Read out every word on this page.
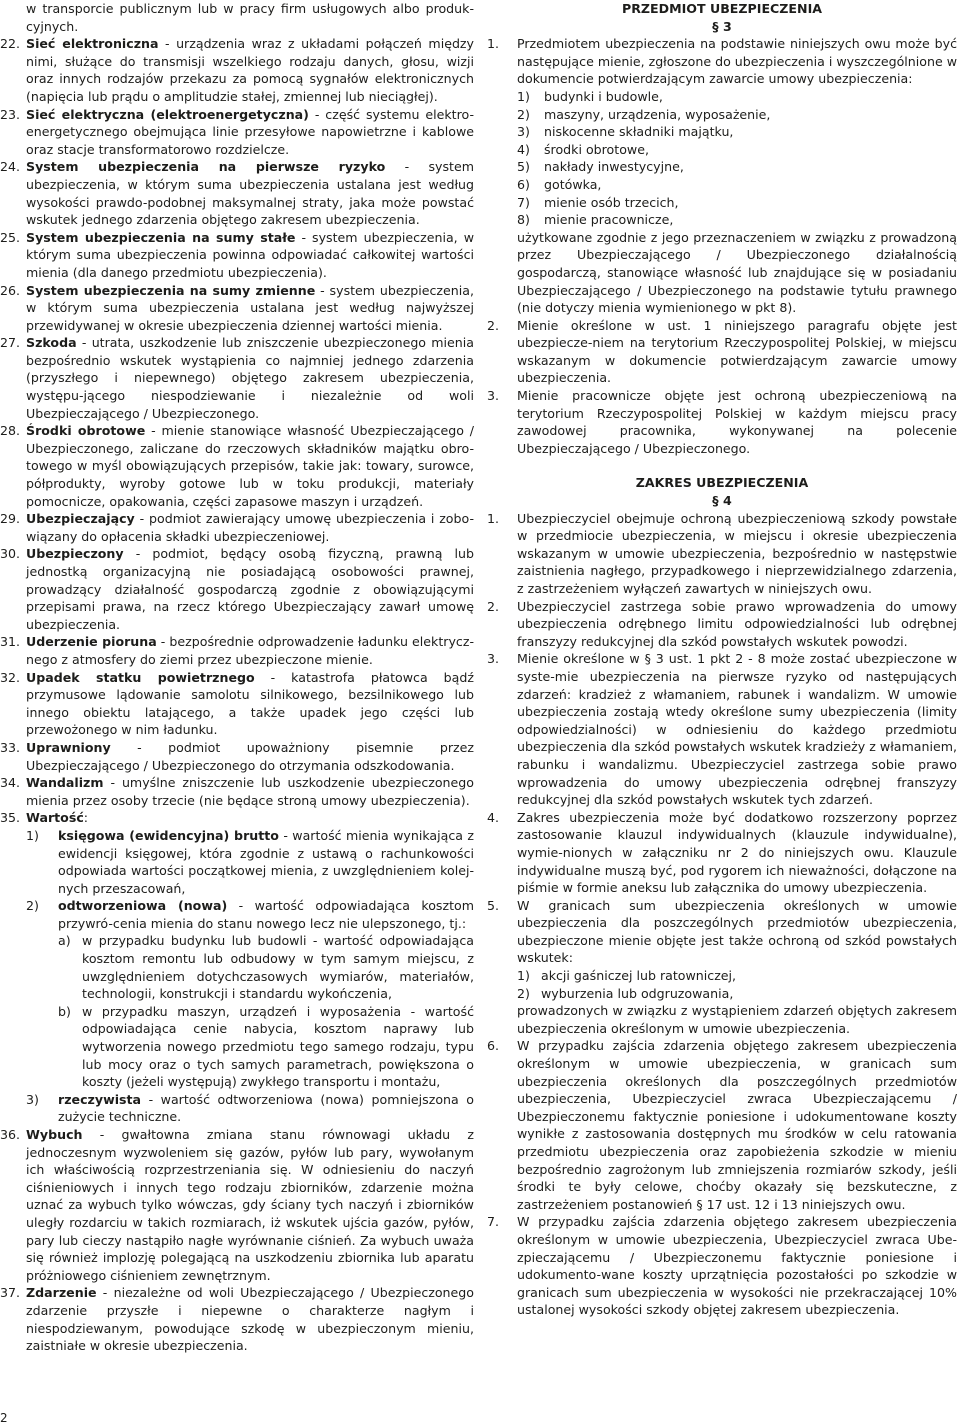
w transporcie publicznym lub w pracy firm usługowych albo produk-cyjnych.
22. Sieć elektroniczna - urządzenia wraz z układami połączeń między nimi, służące do transmisji wszelkiego rodzaju danych, głosu, wizji oraz innych rodzajów przekazu za pomocą sygnałów elektronicznych (napięcia lub prądu o amplitudzie stałej, zmiennej lub nieciągłej).
23. Sieć elektryczna (elektroenergetyczna) - część systemu elektro-energetycznego obejmująca linie przesyłowe napowietrzne i kablowe oraz stacje transformatorowo rozdzielcze.
24. System ubezpieczenia na pierwsze ryzyko - system ubezpieczenia, w którym suma ubezpieczenia ustalana jest według wysokości prawdo-podobnej maksymalnej straty, jaka może powstać wskutek jednego zdarzenia objętego zakresem ubezpieczenia.
25. System ubezpieczenia na sumy stałe - system ubezpieczenia, w którym suma ubezpieczenia powinna odpowiadać całkowitej wartości mienia (dla danego przedmiotu ubezpieczenia).
26. System ubezpieczenia na sumy zmienne - system ubezpieczenia, w którym suma ubezpieczenia ustalana jest według najwyższej przewidywanej w okresie ubezpieczenia dziennej wartości mienia.
27. Szkoda - utrata, uszkodzenie lub zniszczenie ubezpieczonego mienia bezpośrednio wskutek wystąpienia co najmniej jednego zdarzenia (przyszłego i niepewnego) objętego zakresem ubezpieczenia, występu-jącego niespodziewanie i niezależnie od woli Ubezpieczającego / Ubezpieczonego.
28. Środki obrotowe - mienie stanowiące własność Ubezpieczającego / Ubezpieczonego, zaliczane do rzeczowych składników majątku obro-towego w myśl obowiązujących przepisów, takie jak: towary, surowce, półprodukty, wyroby gotowe lub w toku produkcji, materiały pomocnicze, opakowania, części zapasowe maszyn i urządzeń.
29. Ubezpieczający - podmiot zawierający umowę ubezpieczenia i zobo-wiązany do opłacenia składki ubezpieczeniowej.
30. Ubezpieczony - podmiot, będący osobą fizyczną, prawną lub jednostką organizacyjną nie posiadającą osobowości prawnej, prowadzący działalność gospodarczą zgodnie z obowiązującymi przepisami prawa, na rzecz którego Ubezpieczający zawarł umowę ubezpieczenia.
31. Uderzenie pioruna - bezpośrednie odprowadzenie ładunku elektrycz-nego z atmosfery do ziemi przez ubezpieczone mienie.
32. Upadek statku powietrznego - katastrofa płatowca bądź przymusowe lądowanie samolotu silnikowego, bezsilnikowego lub innego obiektu latającego, a także upadek jego części lub przewożonego w nim ładunku.
33. Uprawniony - podmiot upoważniony pisemnie przez Ubezpieczającego / Ubezpieczonego do otrzymania odszkodowania.
34. Wandalizm - umyślne zniszczenie lub uszkodzenie ubezpieczonego mienia przez osoby trzecie (nie będące stroną umowy ubezpieczenia).
35. Wartość:
1)	księgowa (ewidencyjna) brutto - wartość mienia wynikająca z ewidencji księgowej, która zgodnie z ustawą o rachunkowości odpowiada wartości początkowej mienia, z uwzględnieniem kolej-nych przeszacowań,
2)	odtworzeniowa (nowa) - wartość odpowiadająca kosztom przywró-cenia mienia do stanu nowego lecz nie ulepszonego, tj.:
a) w przypadku budynku lub budowli - wartość odpowiadająca kosztom remontu lub odbudowy w tym samym miejscu, z uwzględnieniem dotychczasowych wymiarów, materiałów, technologii, konstrukcji i standardu wykończenia,
b) w przypadku maszyn, urządzeń i wyposażenia - wartość odpowiadająca cenie nabycia, kosztom naprawy lub wytworzenia nowego przedmiotu tego samego rodzaju, typu lub mocy oraz o tych samych parametrach, powiększona o koszty (jeżeli występują) zwykłego transportu i montażu,
3)	rzeczywista - wartość odtworzeniowa (nowa) pomniejszona o zużycie techniczne.
36. Wybuch - gwałtowna zmiana stanu równowagi układu z jednoczesnym wyzwoleniem się gazów, pyłów lub pary, wywołanym ich właściwością rozprzestrzeniania się. W odniesieniu do naczyń ciśnieniowych i innych tego rodzaju zbiorników, zdarzenie można uznać za wybuch tylko wówczas, gdy ściany tych naczyń i zbiorników uległy rozdarciu w takich rozmiarach, iż wskutek ujścia gazów, pyłów, pary lub cieczy nastąpiło nagłe wyrównanie ciśnień. Za wybuch uważa się również implozję polegającą na uszkodzeniu zbiornika lub aparatu próżniowego ciśnieniem zewnętrznym.
37. Zdarzenie - niezależne od woli Ubezpieczającego / Ubezpieczonego zdarzenie przyszłe i niepewne o charakterze nagłym i niespodziewanym, powodujące szkodę w ubezpieczonym mieniu, zaistniałe w okresie ubezpieczenia.
PRZEDMIOT UBEZPIECZENIA
§ 3
1.	Przedmiotem ubezpieczenia na podstawie niniejszych owu może być następujące mienie, zgłoszone do ubezpieczenia i wyszczególnione w dokumencie potwierdzającym zawarcie umowy ubezpieczenia:
1)	budynki i budowle,
2)	maszyny, urządzenia, wyposażenie,
3)	niskocenne składniki majątku,
4)	środki obrotowe,
5)	nakłady inwestycyjne,
6)	gotówka,
7)	mienie osób trzecich,
8)	mienie pracownicze,
użytkowane zgodnie z jego przeznaczeniem w związku z prowadzoną przez Ubezpieczającego / Ubezpieczonego działalnością gospodarczą, stanowiące własność lub znajdujące się w posiadaniu Ubezpieczającego / Ubezpieczonego na podstawie tytułu prawnego (nie dotyczy mienia wymienionego w pkt 8).
2.	Mienie określone w ust. 1 niniejszego paragrafu objęte jest ubezpiecze-niem na terytorium Rzeczypospolitej Polskiej, w miejscu wskazanym w dokumencie potwierdzającym zawarcie umowy ubezpieczenia.
3.	Mienie pracownicze objęte jest ochroną ubezpieczeniową na terytorium Rzeczypospolitej Polskiej w każdym miejscu pracy zawodowej pracownika, wykonywanej na polecenie Ubezpieczającego / Ubezpieczonego.
ZAKRES UBEZPIECZENIA
§ 4
1.	Ubezpieczyciel obejmuje ochroną ubezpieczeniową szkody powstałe w przedmiocie ubezpieczenia, w miejscu i okresie ubezpieczenia wskazanym w umowie ubezpieczenia, bezpośrednio w następstwie zaistnienia nagłego, przypadkowego i nieprzewidzialnego zdarzenia, z zastrzeżeniem wyłączeń zawartych w niniejszych owu.
2.	Ubezpieczyciel zastrzega sobie prawo wprowadzenia do umowy ubezpieczenia odrębnego limitu odpowiedzialności lub odrębnej franszyzy redukcyjnej dla szkód powstałych wskutek powodzi.
3.	Mienie określone w § 3 ust. 1 pkt 2 - 8 może zostać ubezpieczone w syste-mie ubezpieczenia na pierwsze ryzyko od następujących zdarzeń: kradzież z włamaniem, rabunek i wandalizm. W umowie ubezpieczenia zostają wtedy określone sumy ubezpieczenia (limity odpowiedzialności) w odniesieniu do każdego przedmiotu ubezpieczenia dla szkód powstałych wskutek kradzieży z włamaniem, rabunku i wandalizmu. Ubezpieczyciel zastrzega sobie prawo wprowadzenia do umowy ubezpieczenia odrębnej franszyzy redukcyjnej dla szkód powstałych wskutek tych zdarzeń.
4.	Zakres ubezpieczenia może być dodatkowo rozszerzony poprzez zastosowanie klauzul indywidualnych (klauzule indywidualne), wymie-nionych w załączniku nr 2 do niniejszych owu. Klauzule indywidualne muszą być, pod rygorem ich nieważności, dołączone na piśmie w formie aneksu lub załącznika do umowy ubezpieczenia.
5.	W granicach sum ubezpieczenia określonych w umowie ubezpieczenia dla poszczególnych przedmiotów ubezpieczenia, ubezpieczone mienie objęte jest także ochroną od szkód powstałych wskutek:
1) akcji gaśniczej lub ratowniczej,
2) wyburzenia lub odgruzowania,
prowadzonych w związku z wystąpieniem zdarzeń objętych zakresem ubezpieczenia określonym w umowie ubezpieczenia.
6.	W przypadku zajścia zdarzenia objętego zakresem ubezpieczenia określonym w umowie ubezpieczenia, w granicach sum ubezpieczenia określonych dla poszczególnych przedmiotów ubezpieczenia, Ubezpieczyciel zwraca Ubezpieczającemu / Ubezpieczonemu faktycznie poniesione i udokumentowane koszty wynikłe z zastosowania dostępnych mu środków w celu ratowania przedmiotu ubezpieczenia oraz zapobieżenia szkodzie w mieniu bezpośrednio zagrożonym lub zmniejszenia rozmiarów szkody, jeśli środki te były celowe, choćby okazały się bezskuteczne, z zastrzeżeniem postanowień § 17 ust. 12 i 13 niniejszych owu.
7.	W przypadku zajścia zdarzenia objętego zakresem ubezpieczenia określonym w umowie ubezpieczenia, Ubezpieczyciel zwraca Ube-zpieczającemu / Ubezpieczonemu faktycznie poniesione i udokumento-wane koszty uprzątnięcia pozostałości po szkodzie w granicach sum ubezpieczenia w wysokości nie przekraczającej 10% ustalonej wysokości szkody objętej zakresem ubezpieczenia.
2
